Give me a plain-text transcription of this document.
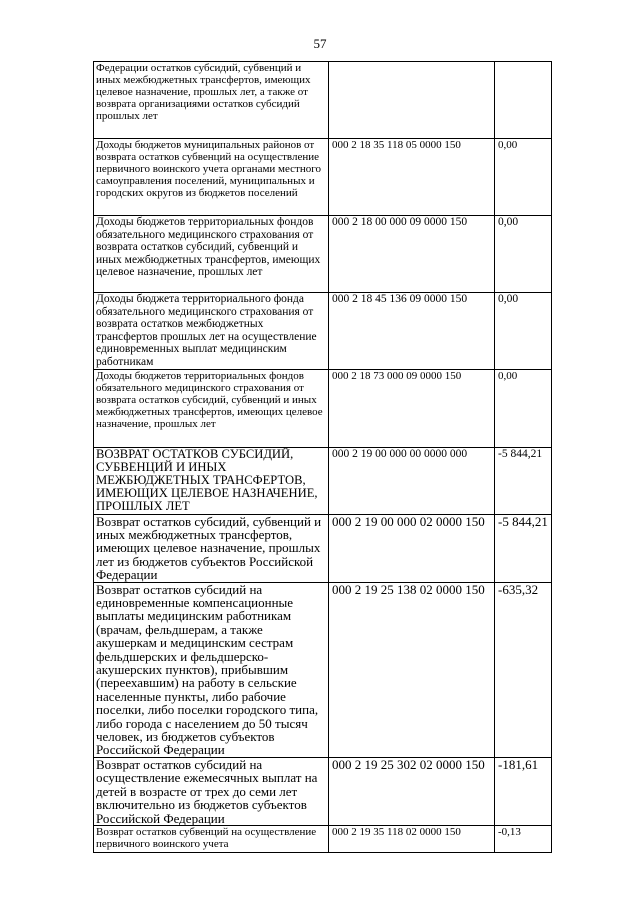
57
Федерации остатков субсидий, субвенций и иных межбюджетных трансфертов, имеющих целевое назначение, прошлых лет, а также от возврата организациями остатков субсидий прошлых лет		
Доходы бюджетов муниципальных районов от возврата остатков субвенций на осуществление первичного воинского учета органами местного самоуправления поселений, муниципальных и городских округов из бюджетов поселений	000 2 18 35 118 05 0000 150	0,00
Доходы бюджетов территориальных фондов обязательного медицинского страхования от возврата остатков субсидий, субвенций и иных межбюджетных трансфертов, имеющих целевое назначение, прошлых лет	000 2 18 00 000 09 0000 150	0,00
Доходы бюджета территориального фонда обязательного медицинского страхования от возврата остатков межбюджетных трансфертов прошлых лет на осуществление единовременных выплат медицинским работникам	000 2 18 45 136 09 0000 150	0,00
Доходы бюджетов территориальных фондов обязательного медицинского страхования от возврата остатков субсидий, субвенций и иных межбюджетных трансфертов, имеющих целевое назначение, прошлых лет	000 2 18 73 000 09 0000 150	0,00
ВОЗВРАТ ОСТАТКОВ СУБСИДИЙ, СУБВЕНЦИЙ И ИНЫХ МЕЖБЮДЖЕТНЫХ ТРАНСФЕРТОВ, ИМЕЮЩИХ ЦЕЛЕВОЕ НАЗНАЧЕНИЕ, ПРОШЛЫХ ЛЕТ	000 2 19 00 000 00 0000 000	-5 844,21
Возврат остатков субсидий, субвенций и иных межбюджетных трансфертов, имеющих целевое назначение, прошлых лет из бюджетов субъектов Российской Федерации	000 2 19 00 000 02 0000 150	-5 844,21
Возврат остатков субсидий на единовременные компенсационные выплаты медицинским работникам (врачам, фельдшерам, а также акушеркам и медицинским сестрам фельдшерских и фельдшерско-акушерских пунктов), прибывшим (переехавшим) на работу в сельские населенные пункты, либо рабочие поселки, либо поселки городского типа, либо города с населением до 50 тысяч человек, из бюджетов субъектов Российской Федерации	000 2 19 25 138 02 0000 150	-635,32
Возврат остатков субсидий на осуществление ежемесячных выплат на детей в возрасте от трех до семи лет включительно из бюджетов субъектов Российской Федерации	000 2 19 25 302 02 0000 150	-181,61
Возврат остатков субвенций на осуществление первичного воинского учета	000 2 19 35 118 02 0000 150	-0,13
